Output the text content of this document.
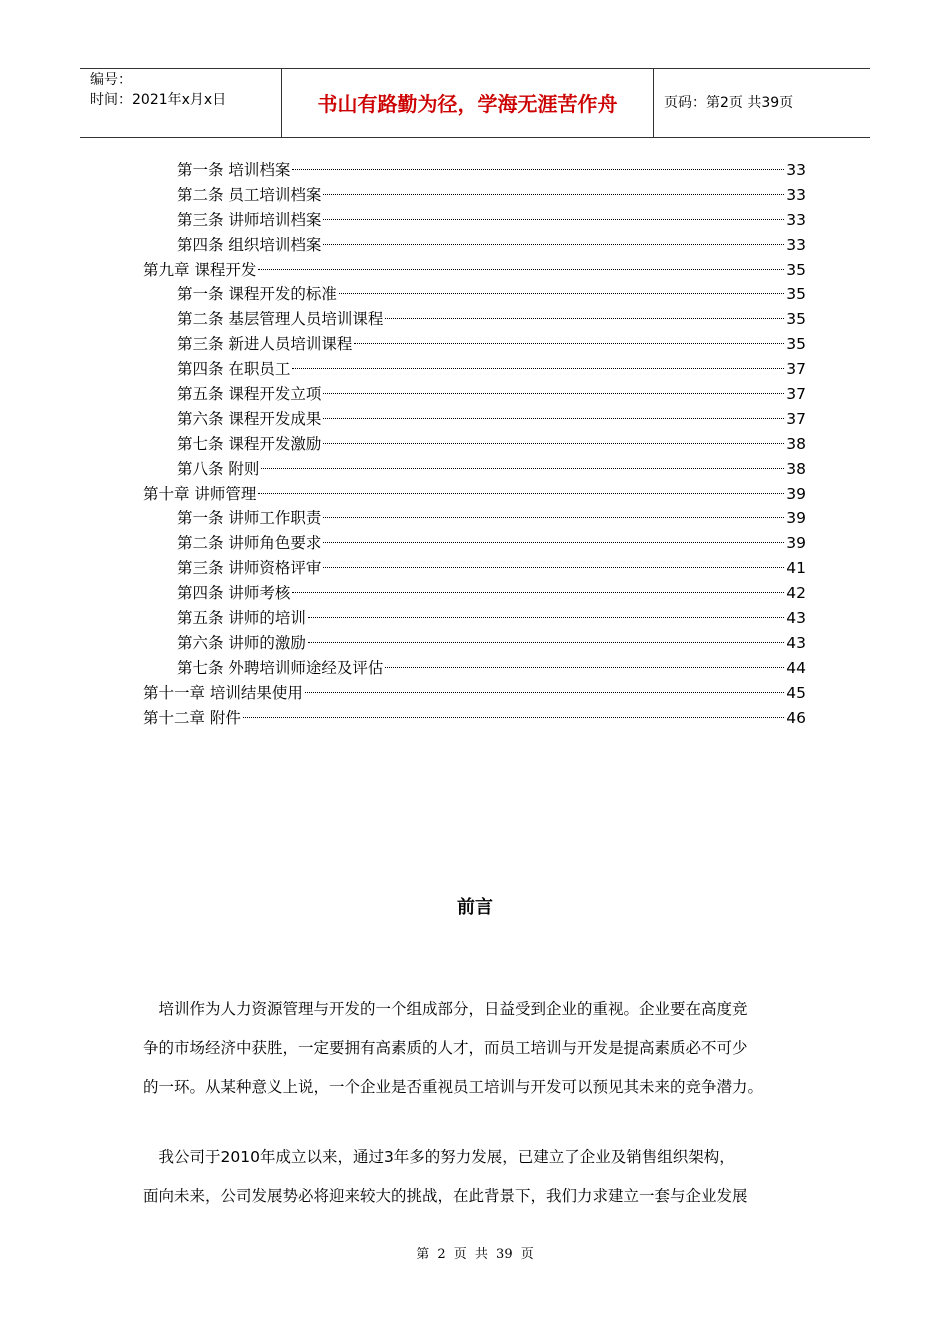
编号：
时间：2021年x月x日	书山有路勤为径，学海无涯苦作舟	页码：第2页 共39页
第一条 培训档案	33
第二条 员工培训档案	33
第三条 讲师培训档案	33
第四条 组织培训档案	33
第九章 课程开发	35
第一条 课程开发的标准	35
第二条 基层管理人员培训课程	35
第三条 新进人员培训课程	35
第四条 在职员工	37
第五条 课程开发立项	37
第六条 课程开发成果	37
第七条 课程开发激励	38
第八条 附则	38
第十章 讲师管理	39
第一条 讲师工作职责	39
第二条 讲师角色要求	39
第三条 讲师资格评审	41
第四条 讲师考核	42
第五条 讲师的培训	43
第六条 讲师的激励	43
第七条 外聘培训师途经及评估	44
第十一章 培训结果使用	45
第十二章 附件	46
前言

　培训作为人力资源管理与开发的一个组成部分，日益受到企业的重视。企业要在高度竞

争的市场经济中获胜，一定要拥有高素质的人才，而员工培训与开发是提高素质必不可少

的一环。从某种意义上说，一个企业是否重视员工培训与开发可以预见其未来的竞争潜力。

　我公司于2010年成立以来，通过3年多的努力发展，已建立了企业及销售组织架构，

面向未来，公司发展势必将迎来较大的挑战，在此背景下，我们力求建立一套与企业发展

第 2 页 共 39 页
